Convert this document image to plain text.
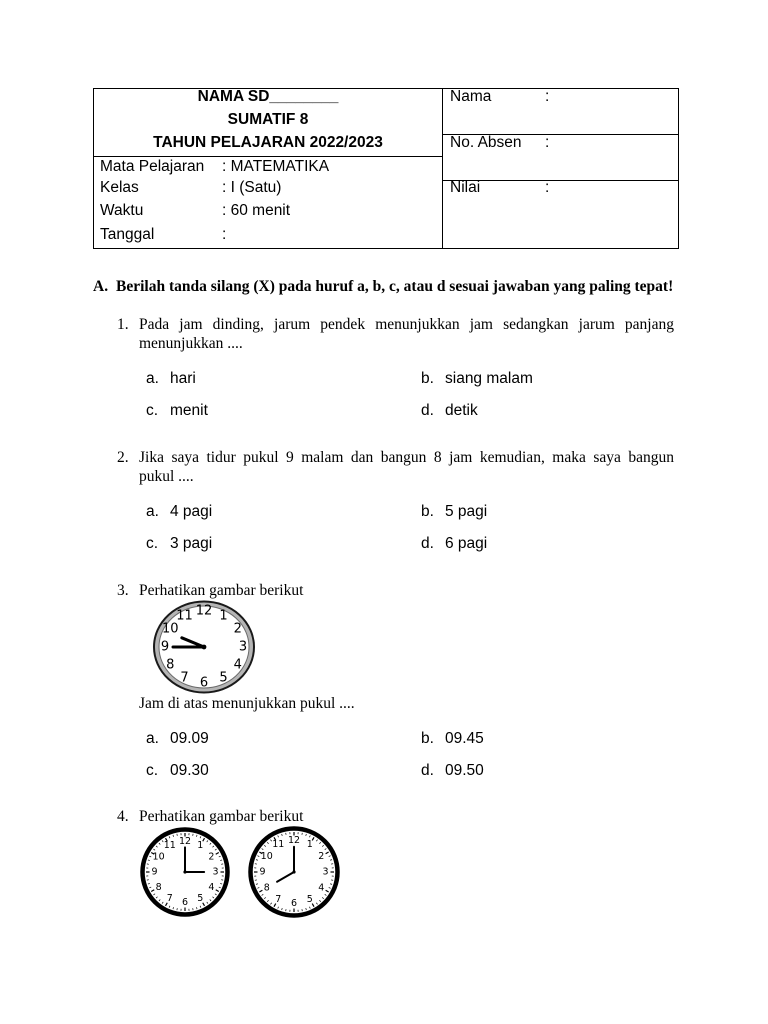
NAMA SD________
SUMATIF 8
TAHUN PELAJARAN 2022/2023
Mata Pelajaran : MATEMATIKA
Kelas	: I (Satu)
Waktu	: 60 menit
Tanggal	:
Nama	:
No. Absen :
Nilai	:
A. Berilah tanda silang (X) pada huruf a, b, c, atau d sesuai jawaban yang paling tepat!
1. Pada jam dinding, jarum pendek menunjukkan jam sedangkan jarum panjang
menunjukkan ....
a. hari	b. siang malam
c. menit	d. detik
2. Jika saya tidur pukul 9 malam dan bangun 8 jam kemudian, maka saya bangun
pukul ....
a. 4 pagi	b. 5 pagi
c. 3 pagi	d. 6 pagi
3. Perhatikan gambar berikut
12 1
2
3
4
5
6
7
8
9
10
11
Jam di atas menunjukkan pukul ....
a. 09.09	b. 09.45
c. 09.30	d. 09.50
4. Perhatikan gambar berikut
12 1
2
3
4
5
6
7
8
9
10
11	12 1
2
3
4
5
6
7
8
9
10
11
